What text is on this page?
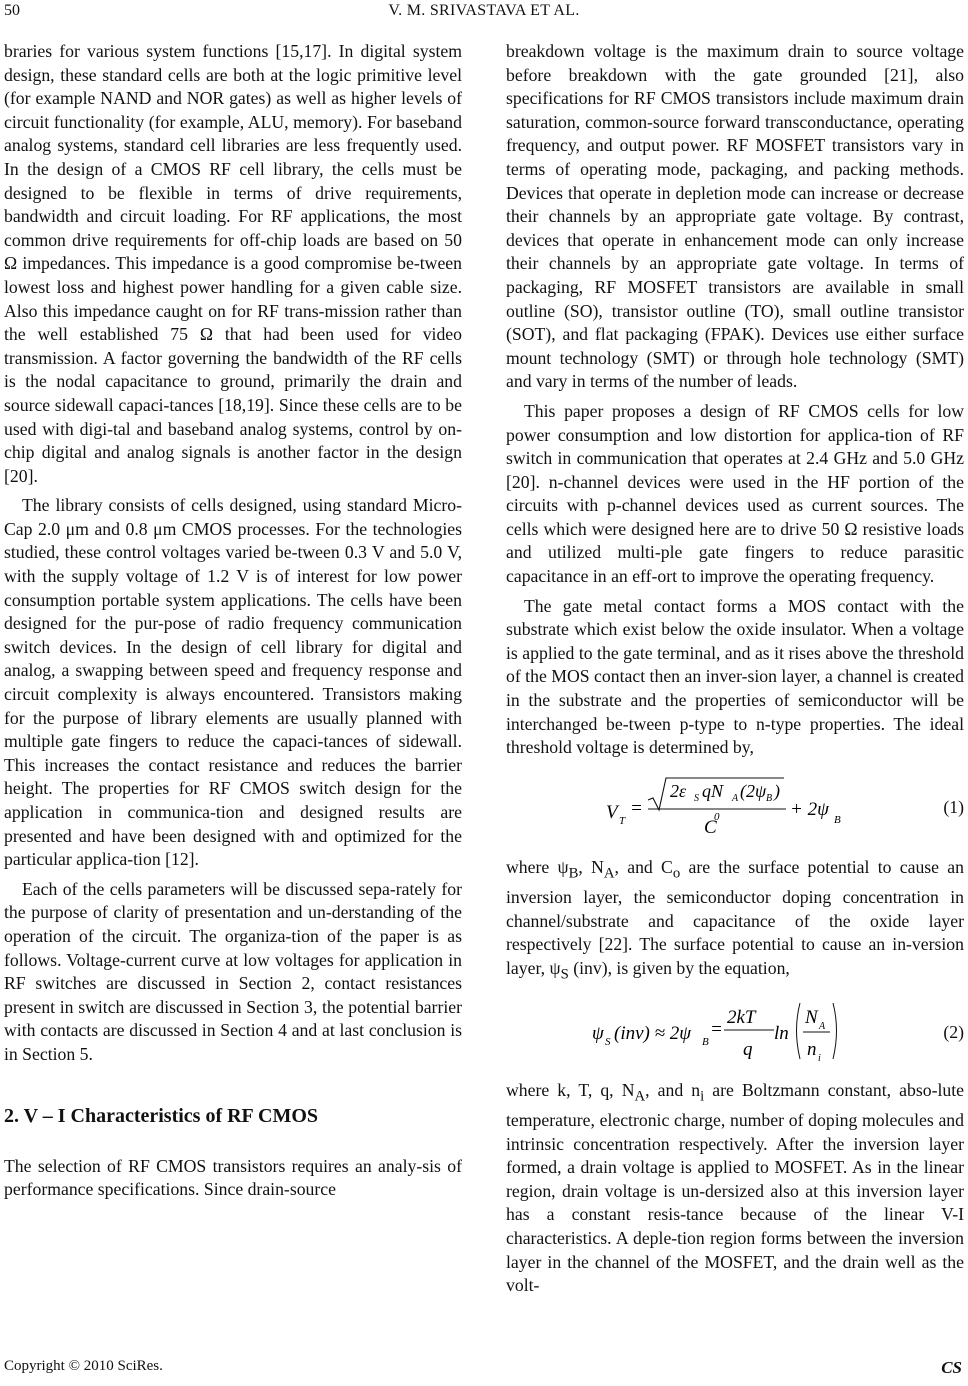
50	V. M. SRIVASTAVA ET AL.

braries for various system functions [15,17]. In digital system design, these standard cells are both at the logic primitive level (for example NAND and NOR gates) as well as higher levels of circuit functionality (for example, ALU, memory). For baseband analog systems, standard cell libraries are less frequently used. In the design of a CMOS RF cell library, the cells must be designed to be flexible in terms of drive requirements, bandwidth and circuit loading. For RF applications, the most common drive requirements for off-chip loads are based on 50 Ω impedances. This impedance is a good compromise be-tween lowest loss and highest power handling for a given cable size. Also this impedance caught on for RF trans-mission rather than the well established 75 Ω that had been used for video transmission. A factor governing the bandwidth of the RF cells is the nodal capacitance to ground, primarily the drain and source sidewall capaci-tances [18,19]. Since these cells are to be used with digi-tal and baseband analog systems, control by on-chip digital and analog signals is another factor in the design [20].

The library consists of cells designed, using standard Micro-Cap 2.0 μm and 0.8 μm CMOS processes. For the technologies studied, these control voltages varied be-tween 0.3 V and 5.0 V, with the supply voltage of 1.2 V is of interest for low power consumption portable system applications. The cells have been designed for the pur-pose of radio frequency communication switch devices. In the design of cell library for digital and analog, a swapping between speed and frequency response and circuit complexity is always encountered. Transistors making for the purpose of library elements are usually planned with multiple gate fingers to reduce the capaci-tances of sidewall. This increases the contact resistance and reduces the barrier height. The properties for RF CMOS switch design for the application in communica-tion and designed results are presented and have been designed with and optimized for the particular applica-tion [12].

Each of the cells parameters will be discussed sepa-rately for the purpose of clarity of presentation and un-derstanding of the operation of the circuit. The organiza-tion of the paper is as follows. Voltage-current curve at low voltages for application in RF switches are discussed in Section 2, contact resistances present in switch are discussed in Section 3, the potential barrier with contacts are discussed in Section 4 and at last conclusion is in Section 5.

2. V – I Characteristics of RF CMOS

The selection of RF CMOS transistors requires an analy-sis of performance specifications. Since drain-source

breakdown voltage is the maximum drain to source voltage before breakdown with the gate grounded [21], also specifications for RF CMOS transistors include maximum drain saturation, common-source forward transconductance, operating frequency, and output power. RF MOSFET transistors vary in terms of operating mode, packaging, and packing methods. Devices that operate in depletion mode can increase or decrease their channels by an appropriate gate voltage. By contrast, devices that operate in enhancement mode can only increase their channels by an appropriate gate voltage. In terms of packaging, RF MOSFET transistors are available in small outline (SO), transistor outline (TO), small outline transistor (SOT), and flat packaging (FPAK). Devices use either surface mount technology (SMT) or through hole technology (SMT) and vary in terms of the number of leads.

This paper proposes a design of RF CMOS cells for low power consumption and low distortion for applica-tion of RF switch in communication that operates at 2.4 GHz and 5.0 GHz [20]. n-channel devices were used in the HF portion of the circuits with p-channel devices used as current sources. The cells which were designed here are to drive 50 Ω resistive loads and utilized multi-ple gate fingers to reduce parasitic capacitance in an eff-ort to improve the operating frequency.

The gate metal contact forms a MOS contact with the substrate which exist below the oxide insulator. When a voltage is applied to the gate terminal, and as it rises above the threshold of the MOS contact then an inver-sion layer, a channel is created in the substrate and the properties of semiconductor will be interchanged be-tween p-type to n-type properties. The ideal threshold voltage is determined by,

V T
=
2ε S qN A (2ψ B )
C
0	+ 2ψ B
(1)

where $\psi_B$, $N_A$, and $C_o$ are the surface potential to cause an inversion layer, the semiconductor doping concentration in channel/substrate and capacitance of the oxide layer respectively [22]. The surface potential to cause an in-version layer, $\psi_S$ (inv), is given by the equation,

ψ S (inv) ≈ 2ψ B
=
2kT
q
ln
N A
n i
(2)

where k, T, q, $N_A$, and $n_i$ are Boltzmann constant, abso-lute temperature, electronic charge, number of doping molecules and intrinsic concentration respectively. After the inversion layer formed, a drain voltage is applied to MOSFET. As in the linear region, drain voltage is un-dersized also at this inversion layer has a constant resis-tance because of the linear V-I characteristics. A deple-tion region forms between the inversion layer in the channel of the MOSFET, and the drain well as the volt-

Copyright © 2010 SciRes.	CS
